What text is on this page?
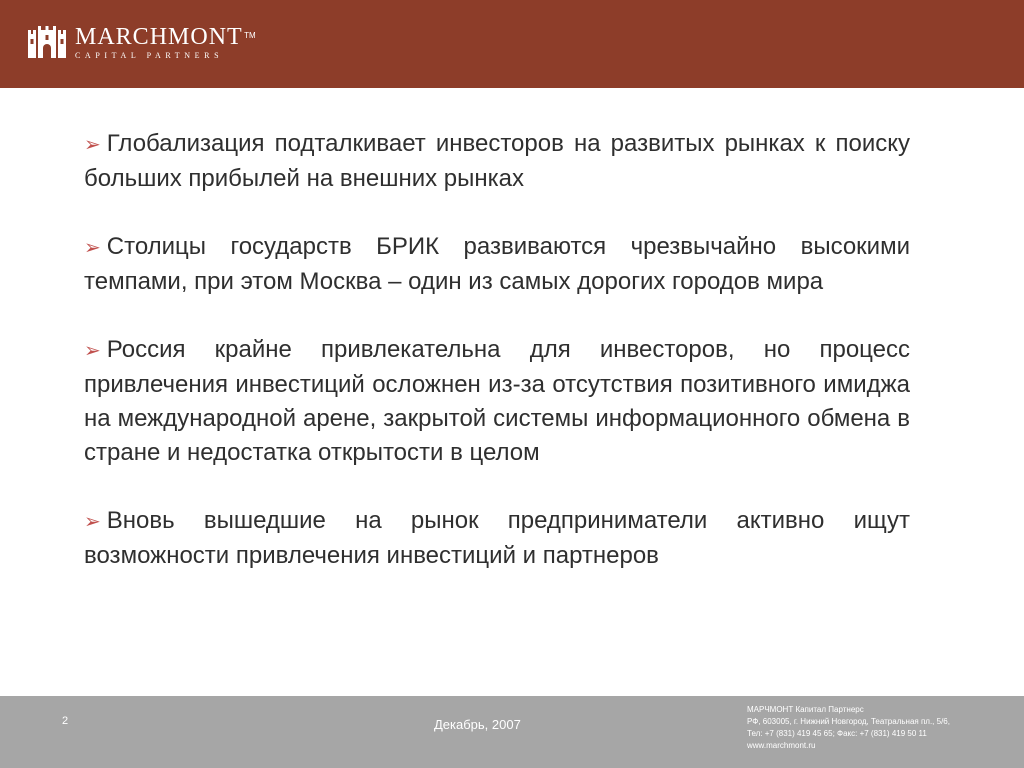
MARCHMONT TM
CAPITAL PARTNERS

➢ Глобализация подталкивает инвесторов на развитых рынках к поиску больших прибылей на внешних рынках

➢ Столицы государств БРИК развиваются чрезвычайно высокими темпами, при этом Москва – один из самых дорогих городов мира

➢ Россия крайне привлекательна для инвесторов, но процесс привлечения инвестиций осложнен из-за отсутствия позитивного имиджа на международной арене, закрытой системы информационного обмена в стране и недостатка открытости в целом

➢ Вновь вышедшие на рынок предприниматели активно ищут возможности привлечения инвестиций и партнеров

2	Декабрь, 2007
МАРЧМОНТ Капитал Партнерс
РФ, 603005, г. Нижний Новгород, Театральная пл., 5/6,
Тел: +7 (831) 419 45 65; Факс: +7 (831) 419 50 11
www.marchmont.ru
